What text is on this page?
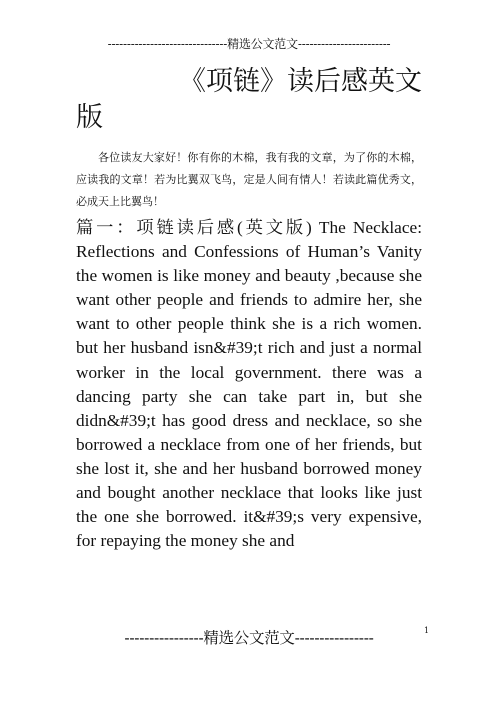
-------------------------------精选公文范文------------------------
《项链》读后感英文
版

各位读友大家好！你有你的木棉，我有我的文章，为了你的木棉，应读我的文章！若为比翼双飞鸟，定是人间有情人！若读此篇优秀文，必成天上比翼鸟！

篇一：项链读后感(英文版) The Necklace: Reflections and Confessions of Human’s Vanity the women is like money and beauty ,because she want other people and friends to admire her, she want to other people think she is a rich women. but her husband isn&#39;t rich and just a normal worker in the local government. there was a dancing party she can take part in, but she didn&#39;t has good dress and necklace, so she borrowed a necklace from one of her friends, but she lost it, she and her husband borrowed money and bought another necklace that looks like just the one she borrowed. it&#39;s very expensive, for repaying the money she and

----------------精选公文范文----------------	1
